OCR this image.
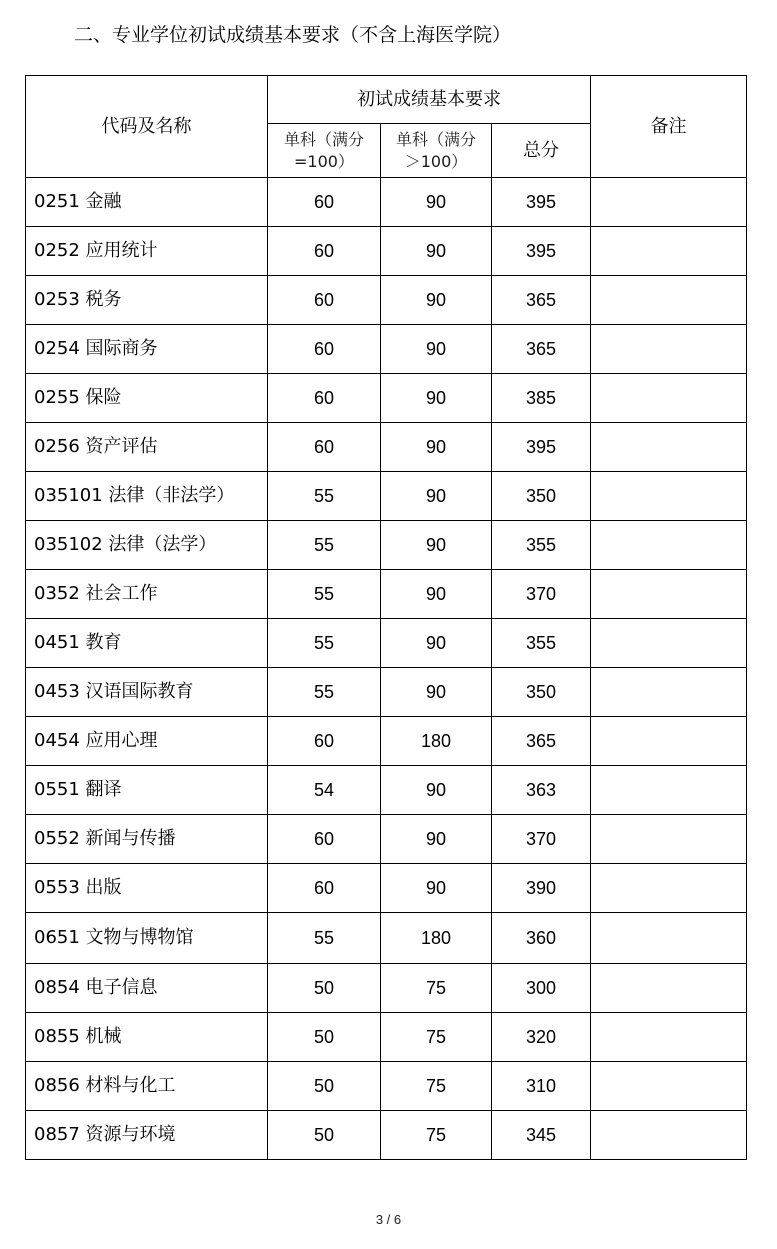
二、专业学位初试成绩基本要求（不含上海医学院）
代码及名称	初试成绩基本要求			备注
	单科（满分=100）	单科（满分＞100）	总分	
0251 金融	60	90	395	
0252 应用统计	60	90	395	
0253 税务	60	90	365	
0254 国际商务	60	90	365	
0255 保险	60	90	385	
0256 资产评估	60	90	395	
035101 法律（非法学）	55	90	350	
035102 法律（法学）	55	90	355	
0352 社会工作	55	90	370	
0451 教育	55	90	355	
0453 汉语国际教育	55	90	350	
0454 应用心理	60	180	365	
0551 翻译	54	90	363	
0552 新闻与传播	60	90	370	
0553 出版	60	90	390	
0651 文物与博物馆	55	180	360	
0854 电子信息	50	75	300	
0855 机械	50	75	320	
0856 材料与化工	50	75	310	
0857 资源与环境	50	75	345	
3 / 6
